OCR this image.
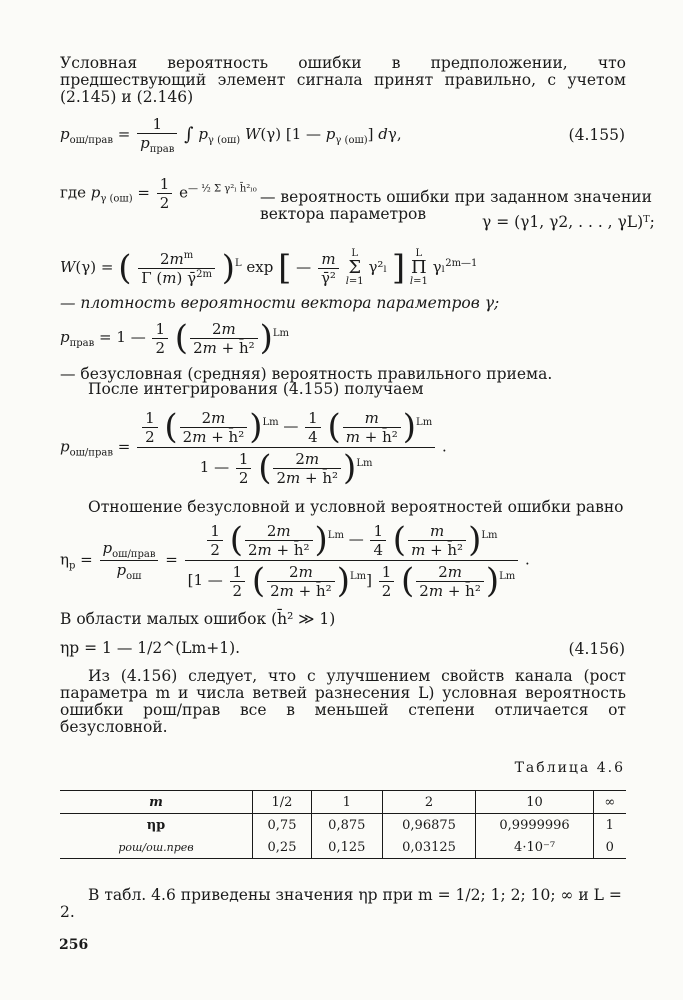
Условная вероятность ошибки в предположении, что предшествующий элемент сигнала принят правильно, с учетом (2.145) и (2.146)
$p_{ош/прав} = \frac{1}{p_{прав}}$
∫ $p_{\gamma (ош)}$ W(γ) [1 — $p_{\gamma (ош)}$] dγ,	(4.155)
где $p_{\gamma (ош)} = \frac{1}{2} e^{— \frac{1}{2} \Sigma \gamma^2_l h̄^2_{l0}}$ — вероятность ошибки при заданном значении вектора параметров	γ = (γ1, γ2, . . . , γL)ᵀ;
W(γ) = ( $\frac{2m^m}{\Gamma (m) \gammā^{2m}} )^L$ exp [ — $\frac{m}{\text{γ̄²}}$ L
Σ
l=1 γ²ₗ ] L
Π
l=1 γₗ$^{2m—1}$
— плотность вероятности вектора параметров γ;
$p_{прав} = 1$ — $\frac{1}{2}$ ( $\frac{2m}{\text{2m + h̄²}} )^{Lm}$
— безусловная (средняя) вероятность правильного приема.
После интегрирования (4.155) получаем
$p_{ош/прав} = \frac{\frac{1}{2} ( \frac{2m}{\text{2m + h̄²}} )^{Lm} — \frac{1}{4} ( \frac{m}{\text{m + h̄²}} )^{Lm}}{1 — \frac{1}{2} ( \frac{2m}{\text{2m + h̄²}} )^{Lm}}$ .
Отношение безусловной и условной вероятностей ошибки равно
$\eta_p = \frac{p_{ош/прав}}{p_{ош}} = \frac{\frac{1}{2} ( \frac{2m}{\text{2m + h̄²}} )^{Lm} — \frac{1}{4} ( \frac{m}{\text{m + h̄²}} )^{Lm}}{[1 — \frac{1}{2} ( \frac{2m}{\text{2m + h̄²}} )^{Lm}] \frac{1}{2} ( \frac{2m}{\text{2m + h̄²}} )^{Lm}}$ .
В области малых ошибок (h̄² ≫ 1)
ηр = 1 — 1/2^(Lm+1).	(4.156)
Из (4.156) следует, что с улучшением свойств канала (рост параметра m и числа ветвей разнесения L) условная вероятность ошибки pош/прав все в меньшей степени отличается от безусловной.
Таблица 4.6
m	1/2	1	2	10	∞
ηр	0,75	0,875	0,96875	0,9999996	1
pош/ош.прев	0,25	0,125	0,03125	4·10⁻⁷	0
В табл. 4.6 приведены значения ηр при m = 1/2; 1; 2; 10; ∞ и L = 2.
256
